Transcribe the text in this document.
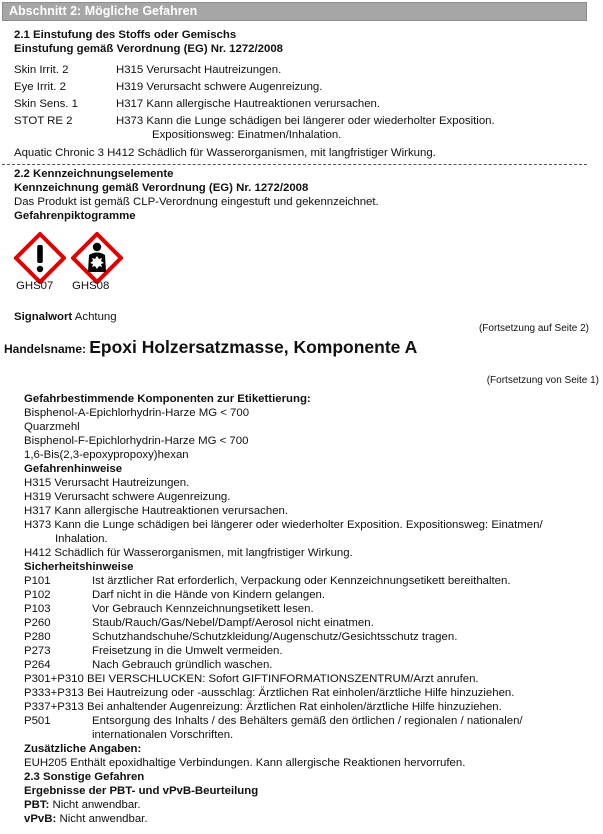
Abschnitt 2: Mögliche Gefahren
2.1 Einstufung des Stoffs oder Gemischs
Einstufung gemäß Verordnung (EG) Nr. 1272/2008
Skin Irrit. 2	H315 Verursacht Hautreizungen.
Eye Irrit. 2	H319 Verursacht schwere Augenreizung.
Skin Sens. 1	H317 Kann allergische Hautreaktionen verursachen.
STOT RE 2	H373 Kann die Lunge schädigen bei längerer oder wiederholter Exposition.
Expositionsweg: Einatmen/Inhalation.
Aquatic Chronic 3 H412 Schädlich für Wasserorganismen, mit langfristiger Wirkung.
2.2 Kennzeichnungselemente
Kennzeichnung gemäß Verordnung (EG) Nr. 1272/2008
Das Produkt ist gemäß CLP-Verordnung eingestuft und gekennzeichnet.
Gefahrenpiktogramme
GHS07 GHS08
Signalwort Achtung
(Fortsetzung auf Seite 2)
Handelsname: Epoxi Holzersatzmasse, Komponente A
(Fortsetzung von Seite 1)
Gefahrbestimmende Komponenten zur Etikettierung:
Bisphenol-A-Epichlorhydrin-Harze MG < 700
Quarzmehl
Bisphenol-F-Epichlorhydrin-Harze MG < 700
1,6-Bis(2,3-epoxypropoxy)hexan
Gefahrenhinweise
H315 Verursacht Hautreizungen.
H319 Verursacht schwere Augenreizung.
H317 Kann allergische Hautreaktionen verursachen.
H373 Kann die Lunge schädigen bei längerer oder wiederholter Exposition. Expositionsweg: Einatmen/
Inhalation.
H412 Schädlich für Wasserorganismen, mit langfristiger Wirkung.
Sicherheitshinweise
P101	Ist ärztlicher Rat erforderlich, Verpackung oder Kennzeichnungsetikett bereithalten.
P102	Darf nicht in die Hände von Kindern gelangen.
P103	Vor Gebrauch Kennzeichnungsetikett lesen.
P260	Staub/Rauch/Gas/Nebel/Dampf/Aerosol nicht einatmen.
P280	Schutzhandschuhe/Schutzkleidung/Augenschutz/Gesichtsschutz tragen.
P273	Freisetzung in die Umwelt vermeiden.
P264	Nach Gebrauch gründlich waschen.
P301+P310 BEI VERSCHLUCKEN: Sofort GIFTINFORMATIONSZENTRUM/Arzt anrufen.
P333+P313 Bei Hautreizung oder -ausschlag: Ärztlichen Rat einholen/ärztliche Hilfe hinzuziehen.
P337+P313 Bei anhaltender Augenreizung: Ärztlichen Rat einholen/ärztliche Hilfe hinzuziehen.
P501	Entsorgung des Inhalts / des Behälters gemäß den örtlichen / regionalen / nationalen/
internationalen Vorschriften.
Zusätzliche Angaben:
EUH205 Enthält epoxidhaltige Verbindungen. Kann allergische Reaktionen hervorrufen.
2.3 Sonstige Gefahren
Ergebnisse der PBT- und vPvB-Beurteilung
PBT: Nicht anwendbar.
vPvB: Nicht anwendbar.
